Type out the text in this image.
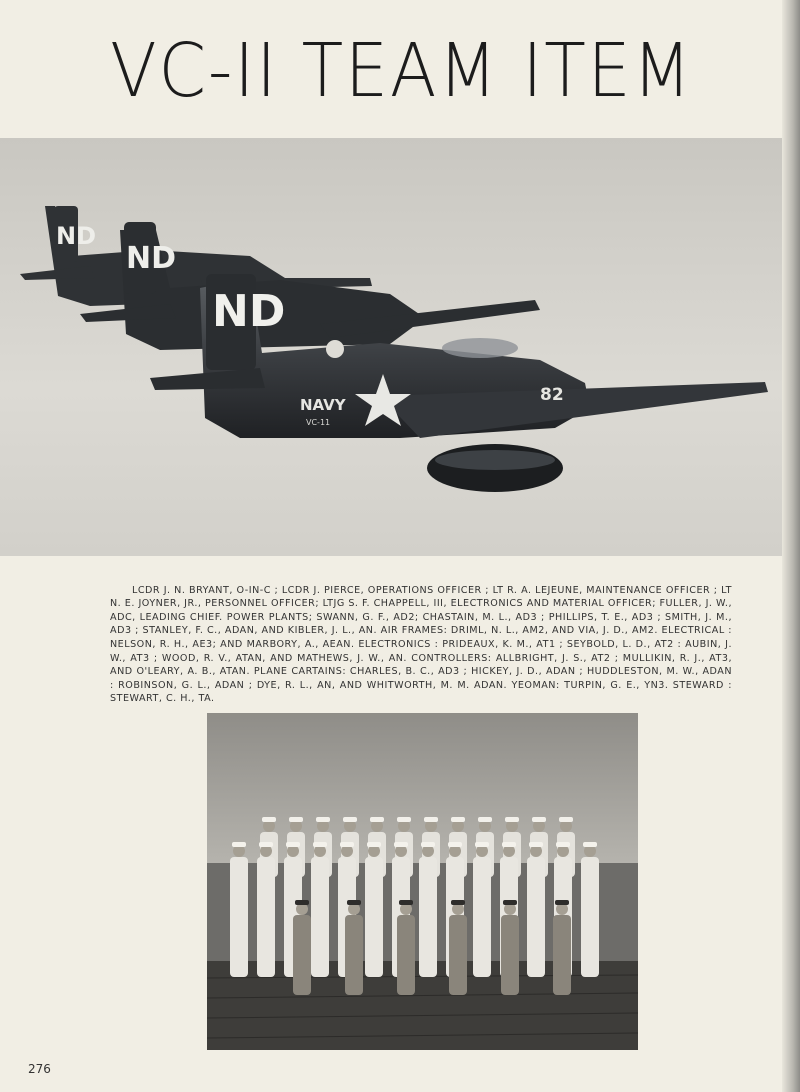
VC-II TEAM ITEM
ND
ND
ND
NAVY
VC-11
82

LCDR J. N. BRYANT, O-IN-C ; LCDR J. PIERCE, OPERATIONS OFFICER ; LT R. A. LEJEUNE, MAINTENANCE OFFICER ; LT N. E. JOYNER, JR., PERSONNEL OFFICER; LTJG S. F. CHAPPELL, III, ELECTRONICS AND MATERIAL OFFICER; FULLER, J. W., ADC, LEADING CHIEF. POWER PLANTS; SWANN, G. F., AD2; CHASTAIN, M. L., AD3 ; PHILLIPS, T. E., AD3 ; SMITH, J. M., AD3 ; STANLEY, F. C., ADAN, AND KIBLER, J. L., AN. AIR FRAMES: DRIML, N. L., AM2, AND VIA, J. D., AM2. ELECTRICAL : NELSON, R. H., AE3; AND MARBORY, A., AEAN. ELECTRONICS : PRIDEAUX, K. M., AT1 ; SEYBOLD, L. D., AT2 : AUBIN, J. W., AT3 ; WOOD, R. V., ATAN, AND MATHEWS, J. W., AN. CONTROLLERS: ALLBRIGHT, J. S., AT2 ; MULLIKIN, R. J., AT3, AND O'LEARY, A. B., ATAN. PLANE CARTAINS: CHARLES, B. C., AD3 ; HICKEY, J. D., ADAN ; HUDDLESTON, M. W., ADAN : ROBINSON, G. L., ADAN ; DYE, R. L., AN, AND WHITWORTH, M. M. ADAN. YEOMAN: TURPIN, G. E., YN3. STEWARD : STEWART, C. H., TA.

276
